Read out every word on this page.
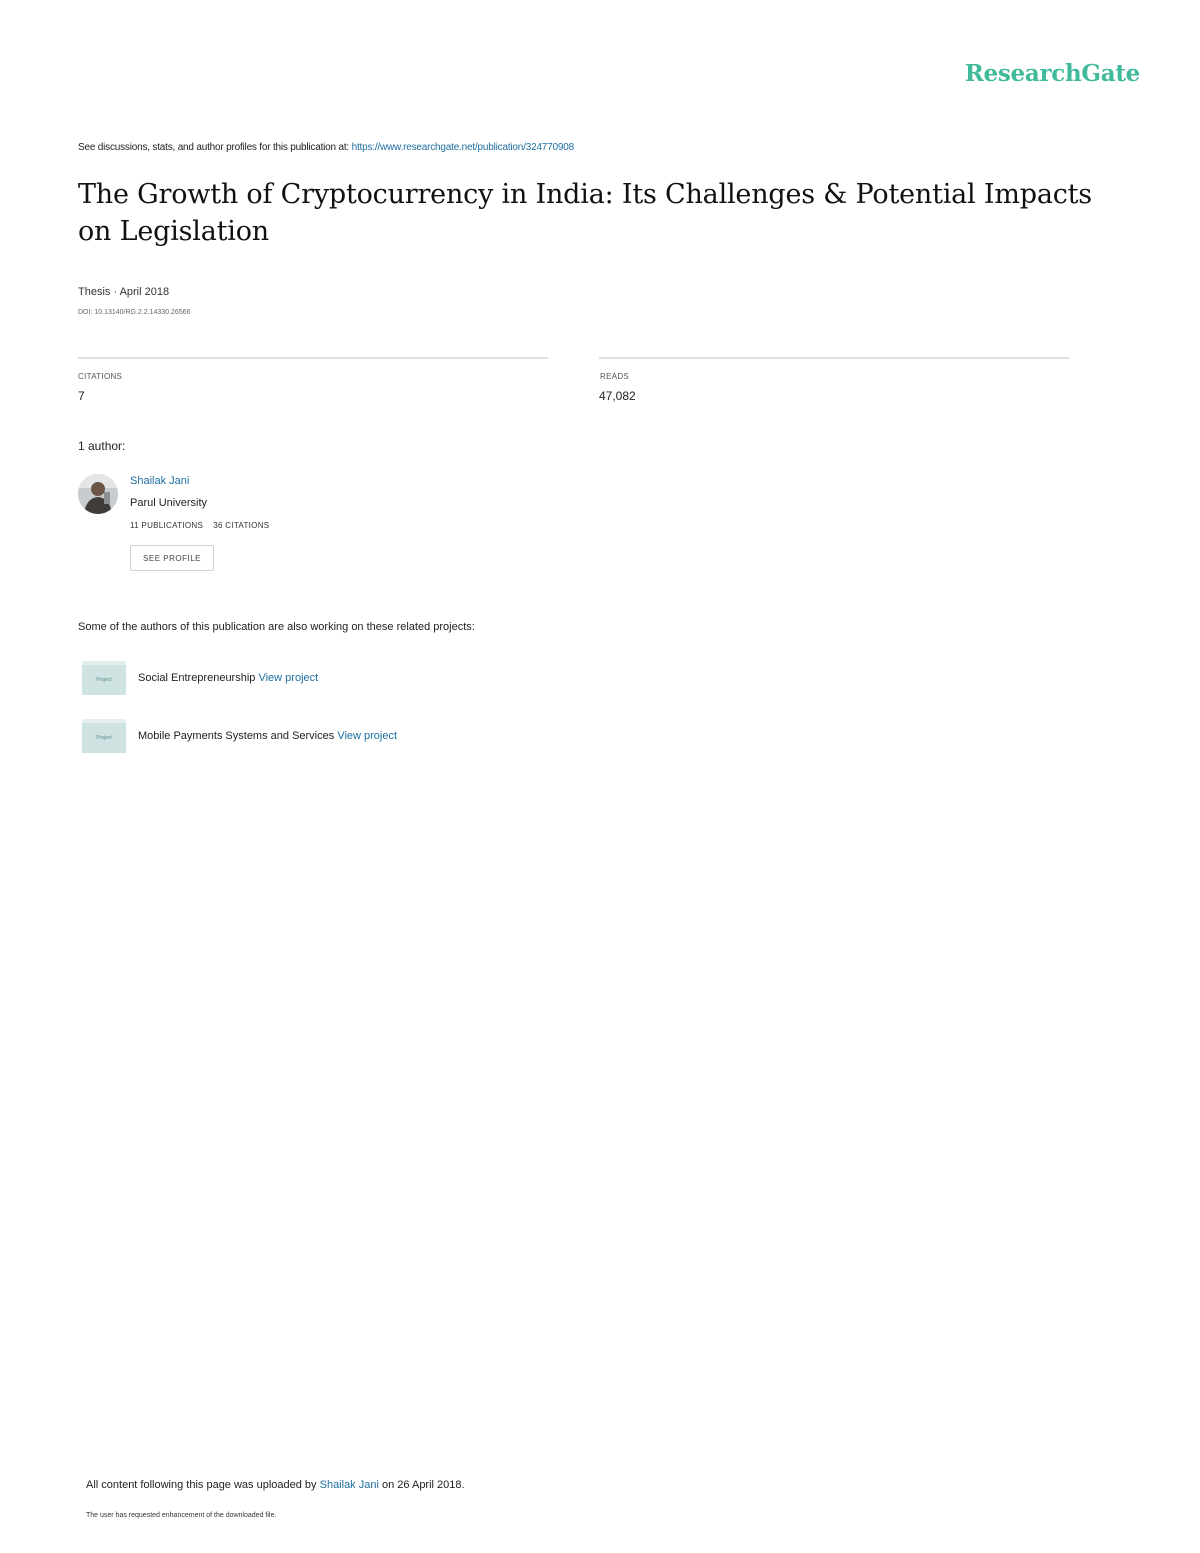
ResearchGate
See discussions, stats, and author profiles for this publication at: https://www.researchgate.net/publication/324770908
The Growth of Cryptocurrency in India: Its Challenges & Potential Impacts on Legislation
Thesis · April 2018
DOI: 10.13140/RG.2.2.14330.26566
CITATIONS
7
READS
47,082
1 author:
Shailak Jani
Parul University
11 PUBLICATIONS 36 CITATIONS
SEE PROFILE
Some of the authors of this publication are also working on these related projects:
Project	Social Entrepreneurship View project
Project	Mobile Payments Systems and Services View project
All content following this page was uploaded by Shailak Jani on 26 April 2018.
The user has requested enhancement of the downloaded file.
